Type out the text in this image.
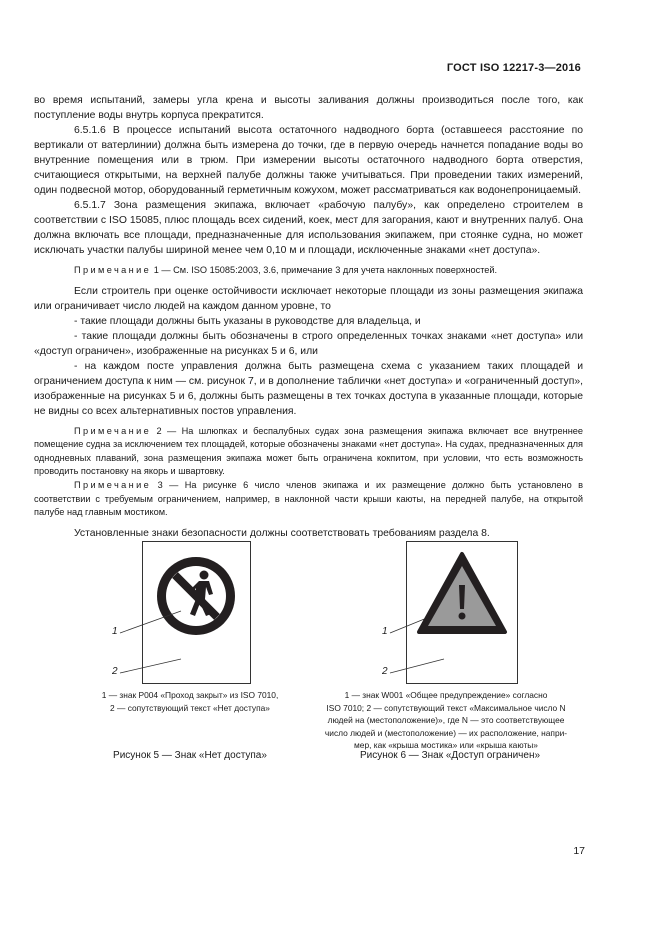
ГОСТ ISO 12217-3—2016

во время испытаний, замеры угла крена и высоты заливания должны производиться после того, как поступление воды внутрь корпуса прекратится.

6.5.1.6 В процессе испытаний высота остаточного надводного борта (оставшееся расстояние по вертикали от ватерлинии) должна быть измерена до точки, где в первую очередь начнется попадание воды во внутренние помещения или в трюм. При измерении высоты остаточного надводного борта отверстия, считающиеся открытыми, на верхней палубе должны также учитываться. При проведении таких измерений, один подвесной мотор, оборудованный герметичным кожухом, может рассматриваться как водонепроницаемый.

6.5.1.7 Зона размещения экипажа, включает «рабочую палубу», как определено строителем в соответствии с ISO 15085, плюс площадь всех сидений, коек, мест для загорания, кают и внутренних палуб. Она должна включать все площади, предназначенные для использования экипажем, при стоянке судна, но может исключать участки палубы шириной менее чем 0,10 м и площади, исключенные знаками «нет доступа».

Примечание 1 — См. ISO 15085:2003, 3.6, примечание 3 для учета наклонных поверхностей.

Если строитель при оценке остойчивости исключает некоторые площади из зоны размещения экипажа или ограничивает число людей на каждом данном уровне, то

- такие площади должны быть указаны в руководстве для владельца, и

- такие площади должны быть обозначены в строго определенных точках знаками «нет доступа» или «доступ ограничен», изображенные на рисунках 5 и 6, или

- на каждом посте управления должна быть размещена схема с указанием таких площадей и ограничением доступа к ним — см. рисунок 7, и в дополнение таблички «нет доступа» и «ограниченный доступ», изображенные на рисунках 5 и 6, должны быть размещены в тех точках доступа в указанные площади, которые не видны со всех альтернативных постов управления.

Примечание 2 — На шлюпках и беспалубных судах зона размещения экипажа включает все внутреннее помещение судна за исключением тех площадей, которые обозначены знаками «нет доступа». На судах, предназначенных для однодневных плаваний, зона размещения экипажа может быть ограничена кокпитом, при условии, что есть возможность проводить постановку на якорь и швартовку.

Примечание 3 — На рисунке 6 число членов экипажа и их размещение должно быть установлено в соответствии с требуемым ограничением, например, в наклонной части крыши каюты, на передней палубе, на открытой палубе над главным мостиком.

Установленные знаки безопасности должны соответствовать требованиям раздела 8.

1
2
1 — знак Р004 «Проход закрыт» из ISO 7010,
2 — сопутствующий текст «Нет доступа»
Рисунок 5 — Знак «Нет доступа»
1
2
1 — знак W001 «Общее предупреждение» согласно
ISO 7010; 2 — сопутствующий текст «Максимальное число N
людей на (местоположение)», где N — это соответствующее
число людей и (местоположение) — их расположение, напри-
мер, как «крыша мостика» или «крыша каюты»
Рисунок 6 — Знак «Доступ ограничен»
17
